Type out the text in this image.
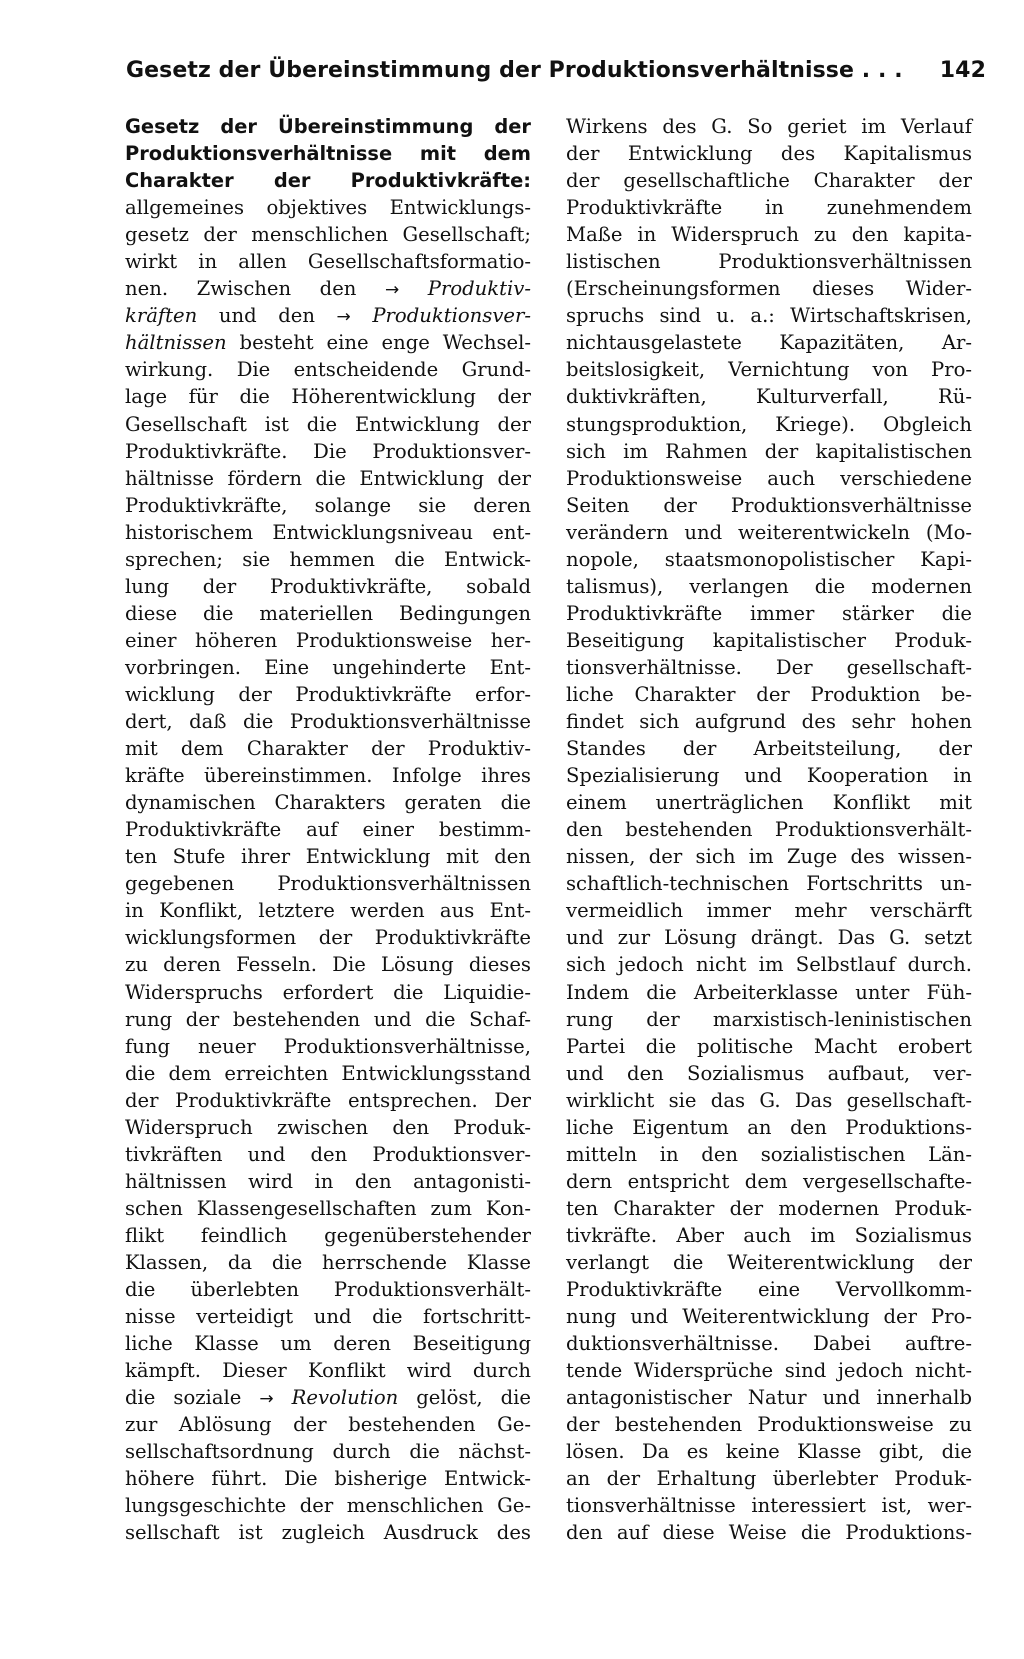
Gesetz der Übereinstimmung der Produktionsverhältnisse . . . 142
Gesetz der Übereinstimmung der
Produktionsverhältnisse mit dem
Charakter der Produktivkräfte:
allgemeines objektives Entwicklungs-
gesetz der menschlichen Gesellschaft;
wirkt in allen Gesellschaftsformatio-
nen. Zwischen den → Produktiv-
kräften und den → Produktionsver-
hältnissen besteht eine enge Wechsel-
wirkung. Die entscheidende Grund-
lage für die Höherentwicklung der
Gesellschaft ist die Entwicklung der
Produktivkräfte. Die Produktionsver-
hältnisse fördern die Entwicklung der
Produktivkräfte, solange sie deren
historischem Entwicklungsniveau ent-
sprechen; sie hemmen die Entwick-
lung der Produktivkräfte, sobald
diese die materiellen Bedingungen
einer höheren Produktionsweise her-
vorbringen. Eine ungehinderte Ent-
wicklung der Produktivkräfte erfor-
dert, daß die Produktionsverhältnisse
mit dem Charakter der Produktiv-
kräfte übereinstimmen. Infolge ihres
dynamischen Charakters geraten die
Produktivkräfte auf einer bestimm-
ten Stufe ihrer Entwicklung mit den
gegebenen Produktionsverhältnissen
in Konflikt, letztere werden aus Ent-
wicklungsformen der Produktivkräfte
zu deren Fesseln. Die Lösung dieses
Widerspruchs erfordert die Liquidie-
rung der bestehenden und die Schaf-
fung neuer Produktionsverhältnisse,
die dem erreichten Entwicklungsstand
der Produktivkräfte entsprechen. Der
Widerspruch zwischen den Produk-
tivkräften und den Produktionsver-
hältnissen wird in den antagonisti-
schen Klassengesellschaften zum Kon-
flikt feindlich gegenüberstehender
Klassen, da die herrschende Klasse
die überlebten Produktionsverhält-
nisse verteidigt und die fortschritt-
liche Klasse um deren Beseitigung
kämpft. Dieser Konflikt wird durch
die soziale → Revolution gelöst, die
zur Ablösung der bestehenden Ge-
sellschaftsordnung durch die nächst-
höhere führt. Die bisherige Entwick-
lungsgeschichte der menschlichen Ge-
sellschaft ist zugleich Ausdruck des
Wirkens des G. So geriet im Verlauf
der Entwicklung des Kapitalismus
der gesellschaftliche Charakter der
Produktivkräfte in zunehmendem
Maße in Widerspruch zu den kapita-
listischen Produktionsverhältnissen
(Erscheinungsformen dieses Wider-
spruchs sind u. a.: Wirtschaftskrisen,
nichtausgelastete Kapazitäten, Ar-
beitslosigkeit, Vernichtung von Pro-
duktivkräften, Kulturverfall, Rü-
stungsproduktion, Kriege). Obgleich
sich im Rahmen der kapitalistischen
Produktionsweise auch verschiedene
Seiten der Produktionsverhältnisse
verändern und weiterentwickeln (Mo-
nopole, staatsmonopolistischer Kapi-
talismus), verlangen die modernen
Produktivkräfte immer stärker die
Beseitigung kapitalistischer Produk-
tionsverhältnisse. Der gesellschaft-
liche Charakter der Produktion be-
findet sich aufgrund des sehr hohen
Standes der Arbeitsteilung, der
Spezialisierung und Kooperation in
einem unerträglichen Konflikt mit
den bestehenden Produktionsverhält-
nissen, der sich im Zuge des wissen-
schaftlich-technischen Fortschritts un-
vermeidlich immer mehr verschärft
und zur Lösung drängt. Das G. setzt
sich jedoch nicht im Selbstlauf durch.
Indem die Arbeiterklasse unter Füh-
rung der marxistisch-leninistischen
Partei die politische Macht erobert
und den Sozialismus aufbaut, ver-
wirklicht sie das G. Das gesellschaft-
liche Eigentum an den Produktions-
mitteln in den sozialistischen Län-
dern entspricht dem vergesellschafte-
ten Charakter der modernen Produk-
tivkräfte. Aber auch im Sozialismus
verlangt die Weiterentwicklung der
Produktivkräfte eine Vervollkomm-
nung und Weiterentwicklung der Pro-
duktionsverhältnisse. Dabei auftre-
tende Widersprüche sind jedoch nicht-
antagonistischer Natur und innerhalb
der bestehenden Produktionsweise zu
lösen. Da es keine Klasse gibt, die
an der Erhaltung überlebter Produk-
tionsverhältnisse interessiert ist, wer-
den auf diese Weise die Produktions-
